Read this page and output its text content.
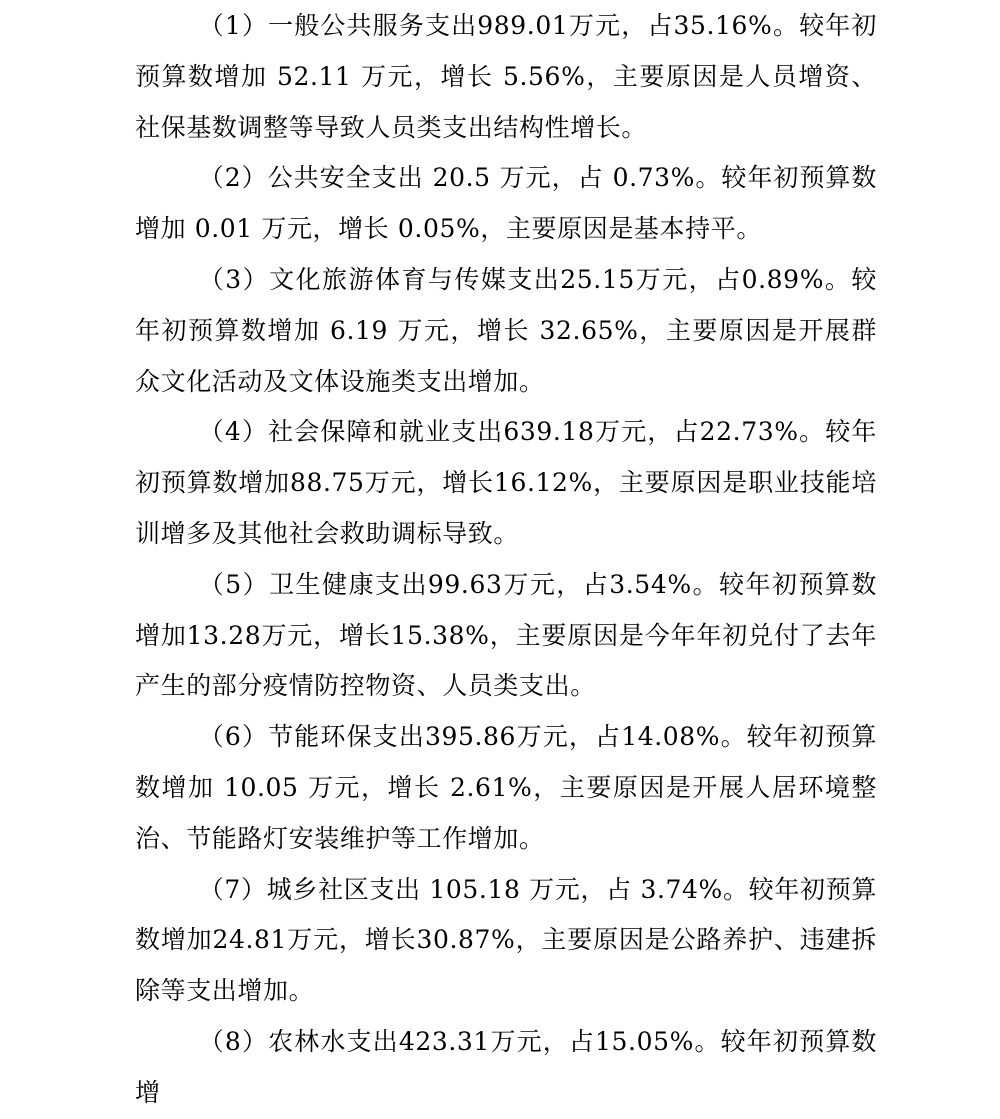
（1）一般公共服务支出989.01万元，占35.16%。较年初预算数增加 52.11 万元，增长 5.56%，主要原因是人员增资、社保基数调整等导致人员类支出结构性增长。

（2）公共安全支出 20.5 万元，占 0.73%。较年初预算数增加 0.01 万元，增长 0.05%，主要原因是基本持平。

（3）文化旅游体育与传媒支出25.15万元，占0.89%。较年初预算数增加 6.19 万元，增长 32.65%，主要原因是开展群众文化活动及文体设施类支出增加。

（4）社会保障和就业支出639.18万元，占22.73%。较年初预算数增加88.75万元，增长16.12%，主要原因是职业技能培训增多及其他社会救助调标导致。

（5）卫生健康支出99.63万元，占3.54%。较年初预算数增加13.28万元，增长15.38%，主要原因是今年年初兑付了去年产生的部分疫情防控物资、人员类支出。

（6）节能环保支出395.86万元，占14.08%。较年初预算数增加 10.05 万元，增长 2.61%，主要原因是开展人居环境整治、节能路灯安装维护等工作增加。

（7）城乡社区支出 105.18 万元，占 3.74%。较年初预算数增加24.81万元，增长30.87%，主要原因是公路养护、违建拆除等支出增加。

（8）农林水支出423.31万元，占15.05%。较年初预算数增
